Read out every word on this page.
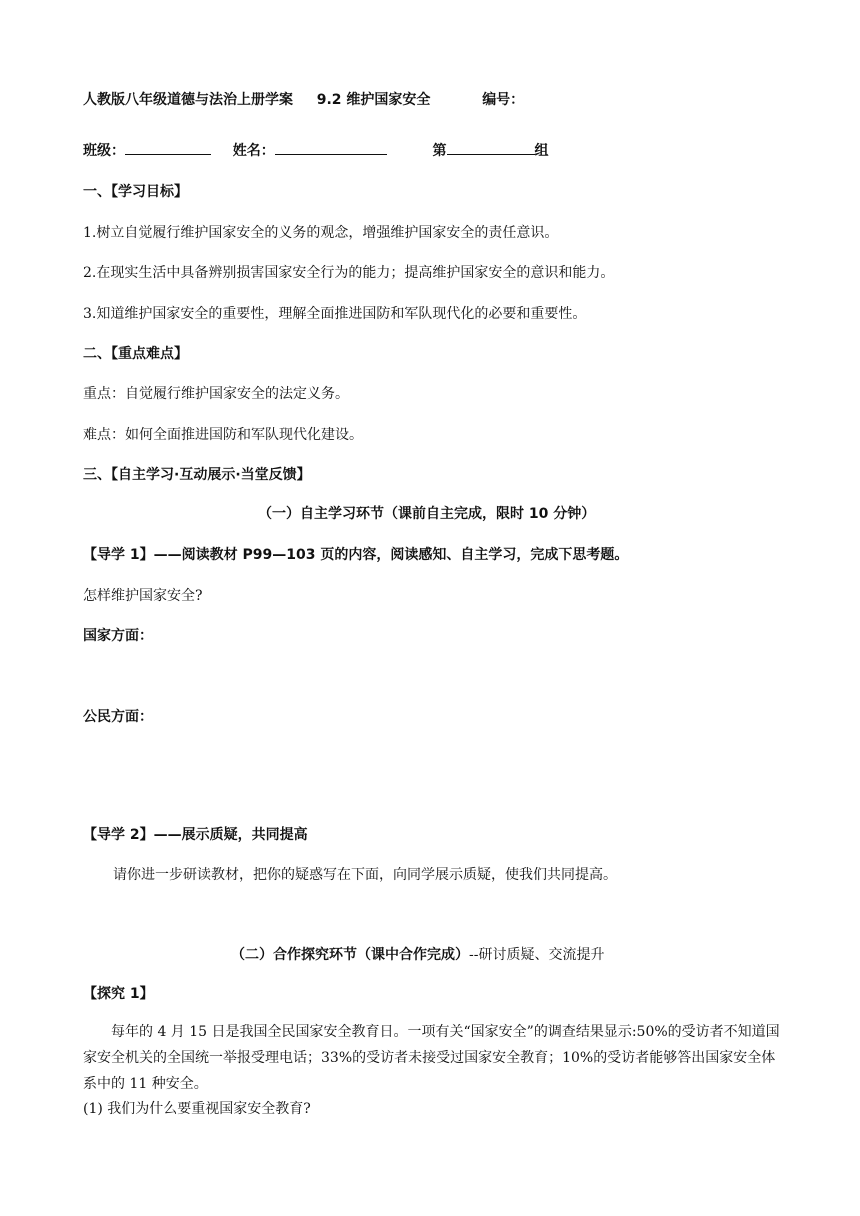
人教版八年级道德与法治上册学案 9.2 维护国家安全	编号：
班级：	姓名：	第	组
一、【学习目标】
1.树立自觉履行维护国家安全的义务的观念，增强维护国家安全的责任意识。
2.在现实生活中具备辨别损害国家安全行为的能力；提高维护国家安全的意识和能力。
3.知道维护国家安全的重要性，理解全面推进国防和军队现代化的必要和重要性。
二、【重点难点】
重点：自觉履行维护国家安全的法定义务。
难点：如何全面推进国防和军队现代化建设。
三、【自主学习·互动展示·当堂反馈】
（一）自主学习环节（课前自主完成，限时 10 分钟）
【导学 1】——阅读教材 P99—103 页的内容，阅读感知、自主学习，完成下思考题。
怎样维护国家安全?
国家方面：
公民方面：
【导学 2】——展示质疑，共同提高
请你进一步研读教材，把你的疑惑写在下面，向同学展示质疑，使我们共同提高。
（二）合作探究环节（课中合作完成）--研讨质疑、交流提升
【探究 1】
每年的 4 月 15 日是我国全民国家安全教育日。一项有关“国家安全”的调查结果显示:50%的受访者不知道国家安全机关的全国统一举报受理电话；33%的受访者未接受过国家安全教育；10%的受访者能够答出国家安全体系中的 11 种安全。
(1) 我们为什么要重视国家安全教育?
